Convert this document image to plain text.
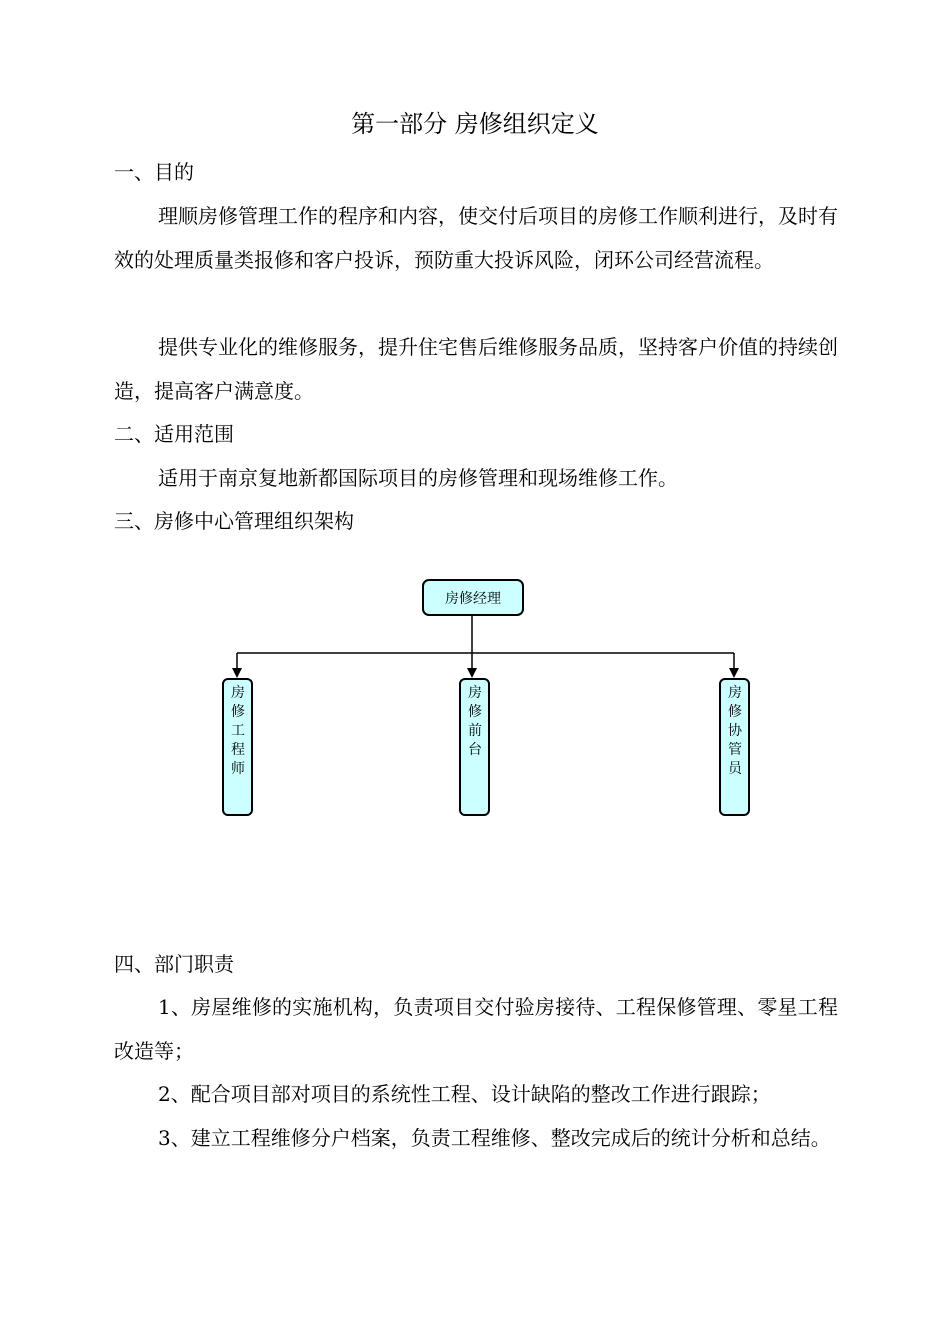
第一部分 房修组织定义
一、目的
理顺房修管理工作的程序和内容，使交付后项目的房修工作顺利进行，及时有效的处理质量类报修和客户投诉，预防重大投诉风险，闭环公司经营流程。
提供专业化的维修服务，提升住宅售后维修服务品质，坚持客户价值的持续创造，提高客户满意度。
二、适用范围
适用于南京复地新都国际项目的房修管理和现场维修工作。
三、房修中心管理组织架构
房修经理
房修工程师
房修前台
房修协管员
四、部门职责
1、房屋维修的实施机构，负责项目交付验房接待、工程保修管理、零星工程改造等；
2、配合项目部对项目的系统性工程、设计缺陷的整改工作进行跟踪；
3、建立工程维修分户档案，负责工程维修、整改完成后的统计分析和总结。
